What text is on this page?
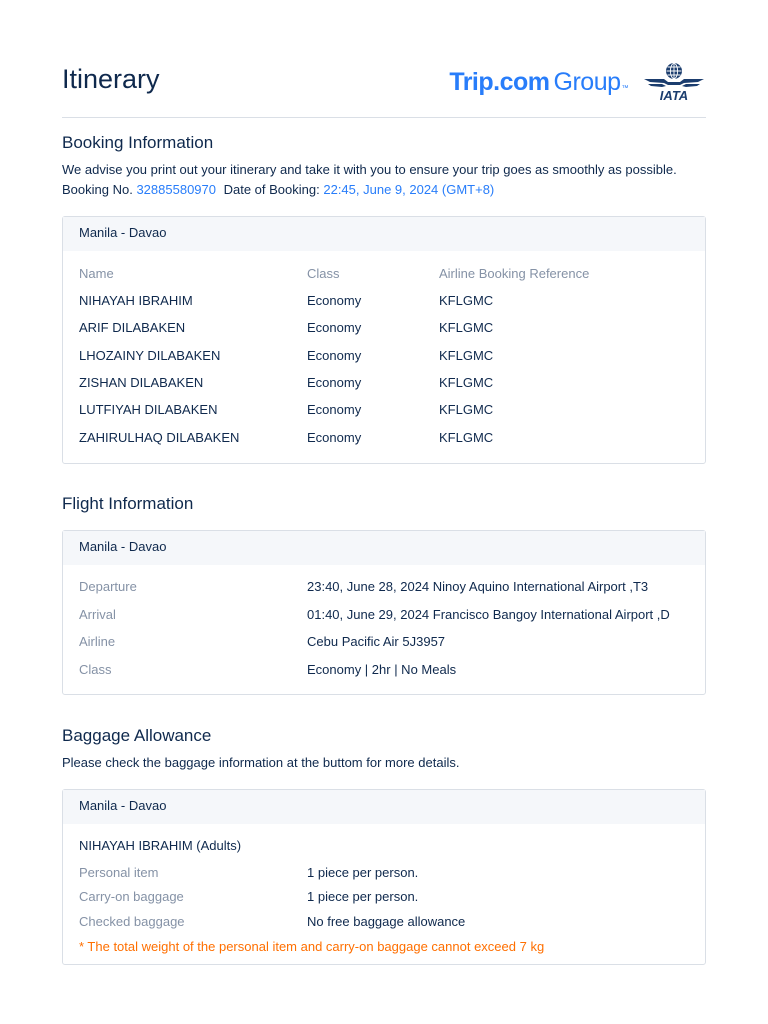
Itinerary	Trip . com Group ™ IATA
Booking Information
We advise you print out your itinerary and take it with you to ensure your trip goes as smoothly as possible.
Booking No. 32885580970 Date of Booking: 22:45, June 9, 2024 (GMT+8)
Manila - Davao
Name	Class	Airline Booking Reference
NIHAYAH IBRAHIM	Economy	KFLGMC
ARIF DILABAKEN	Economy	KFLGMC
LHOZAINY DILABAKEN	Economy	KFLGMC
ZISHAN DILABAKEN	Economy	KFLGMC
LUTFIYAH DILABAKEN	Economy	KFLGMC
ZAHIRULHAQ DILABAKEN	Economy	KFLGMC
Flight Information
Manila - Davao
Departure	23:40, June 28, 2024 Ninoy Aquino International Airport ,T3
Arrival	01:40, June 29, 2024 Francisco Bangoy International Airport ,D
Airline	Cebu Pacific Air 5J3957
Class	Economy | 2hr | No Meals
Baggage Allowance
Please check the baggage information at the buttom for more details.
Manila - Davao
NIHAYAH IBRAHIM (Adults)
Personal item	1 piece per person.
Carry-on baggage	1 piece per person.
Checked baggage	No free baggage allowance
* The total weight of the personal item and carry-on baggage cannot exceed 7 kg
